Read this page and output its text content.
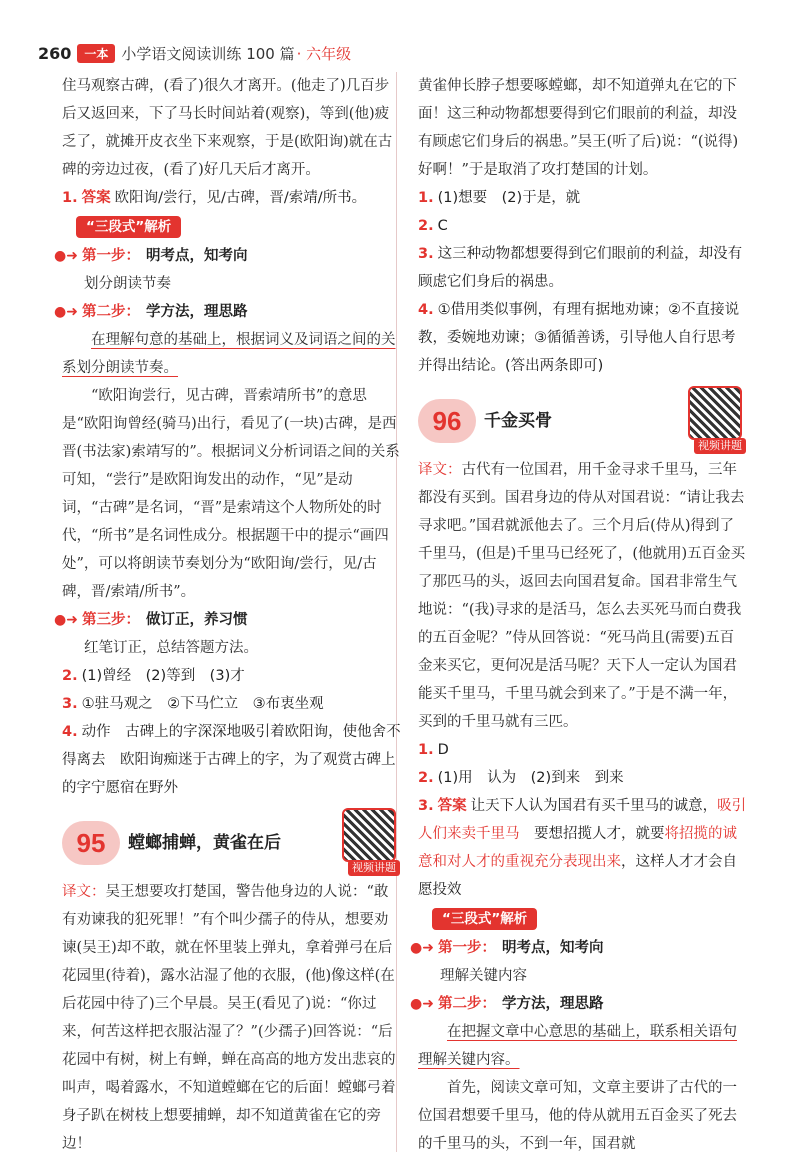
260	一本 小学语文阅读训练 100 篇 · 六年级

住马观察古碑，(看了)很久才离开。(他走了)几百步后又返回来，下了马长时间站着(观察)，等到(他)疲乏了，就摊开皮衣坐下来观察，于是(欧阳询)就在古碑的旁边过夜，(看了)好几天后才离开。

1. 答案 欧阳询/尝行，见/古碑，晋/索靖/所书。

“三段式”解析
●➜ 第一步： 明考点，知考向

划分朗读节奏

●➜ 第二步： 学方法，理思路

在理解句意的基础上，根据词义及词语之间的关系划分朗读节奏。

“欧阳询尝行，见古碑，晋索靖所书”的意思是“欧阳询曾经(骑马)出行，看见了(一块)古碑，是西晋(书法家)索靖写的”。根据词义分析词语之间的关系可知，“尝行”是欧阳询发出的动作，“见”是动词，“古碑”是名词，“晋”是索靖这个人物所处的时代，“所书”是名词性成分。根据题干中的提示“画四处”，可以将朗读节奏划分为“欧阳询/尝行，见/古碑，晋/索靖/所书”。

●➜ 第三步： 做订正，养习惯

红笔订正，总结答题方法。

2. (1)曾经　(2)等到　(3)才

3. ①驻马观之　②下马伫立　③布衷坐观

4. 动作　古碑上的字深深地吸引着欧阳询，使他舍不得离去　欧阳询痴迷于古碑上的字，为了观赏古碑上的字宁愿宿在野外

95	螳螂捕蝉，黄雀在后
视频讲题

译文：吴王想要攻打楚国，警告他身边的人说：“敢有劝谏我的犯死罪！”有个叫少孺子的侍从，想要劝谏(吴王)却不敢，就在怀里装上弹丸，拿着弹弓在后花园里(待着)，露水沾湿了他的衣服，(他)像这样(在后花园中待了)三个早晨。吴王(看见了)说：“你过来，何苦这样把衣服沾湿了？”(少孺子)回答说：“后花园中有树，树上有蝉，蝉在高高的地方发出悲哀的叫声，喝着露水，不知道螳螂在它的后面！螳螂弓着身子趴在树枝上想要捕蝉，却不知道黄雀在它的旁边！

黄雀伸长脖子想要啄螳螂，却不知道弹丸在它的下面！这三种动物都想要得到它们眼前的利益，却没有顾虑它们身后的祸患。”吴王(听了后)说：“(说得)好啊！”于是取消了攻打楚国的计划。

1. (1)想要　(2)于是，就

2. C

3. 这三种动物都想要得到它们眼前的利益，却没有顾虑它们身后的祸患。

4. ①借用类似事例，有理有据地劝谏；②不直接说教，委婉地劝谏；③循循善诱，引导他人自行思考并得出结论。(答出两条即可)

96	千金买骨
视频讲题

译文：古代有一位国君，用千金寻求千里马，三年都没有买到。国君身边的侍从对国君说：“请让我去寻求吧。”国君就派他去了。三个月后(侍从)得到了千里马，(但是)千里马已经死了，(他就用)五百金买了那匹马的头，返回去向国君复命。国君非常生气地说：“(我)寻求的是活马，怎么去买死马而白费我的五百金呢？”侍从回答说：“死马尚且(需要)五百金来买它，更何况是活马呢？天下人一定认为国君能买千里马，千里马就会到来了。”于是不满一年，买到的千里马就有三匹。

1. D

2. (1)用　认为　(2)到来　到来

3. 答案 让天下人认为国君有买千里马的诚意，吸引人们来卖千里马　要想招揽人才，就要将招揽的诚意和对人才的重视充分表现出来，这样人才才会自愿投效

“三段式”解析
●➜ 第一步： 明考点，知考向

理解关键内容

●➜ 第二步： 学方法，理思路

在把握文章中心意思的基础上，联系相关语句理解关键内容。

首先，阅读文章可知，文章主要讲了古代的一位国君想要千里马，他的侍从就用五百金买了死去的千里马的头，不到一年，国君就
